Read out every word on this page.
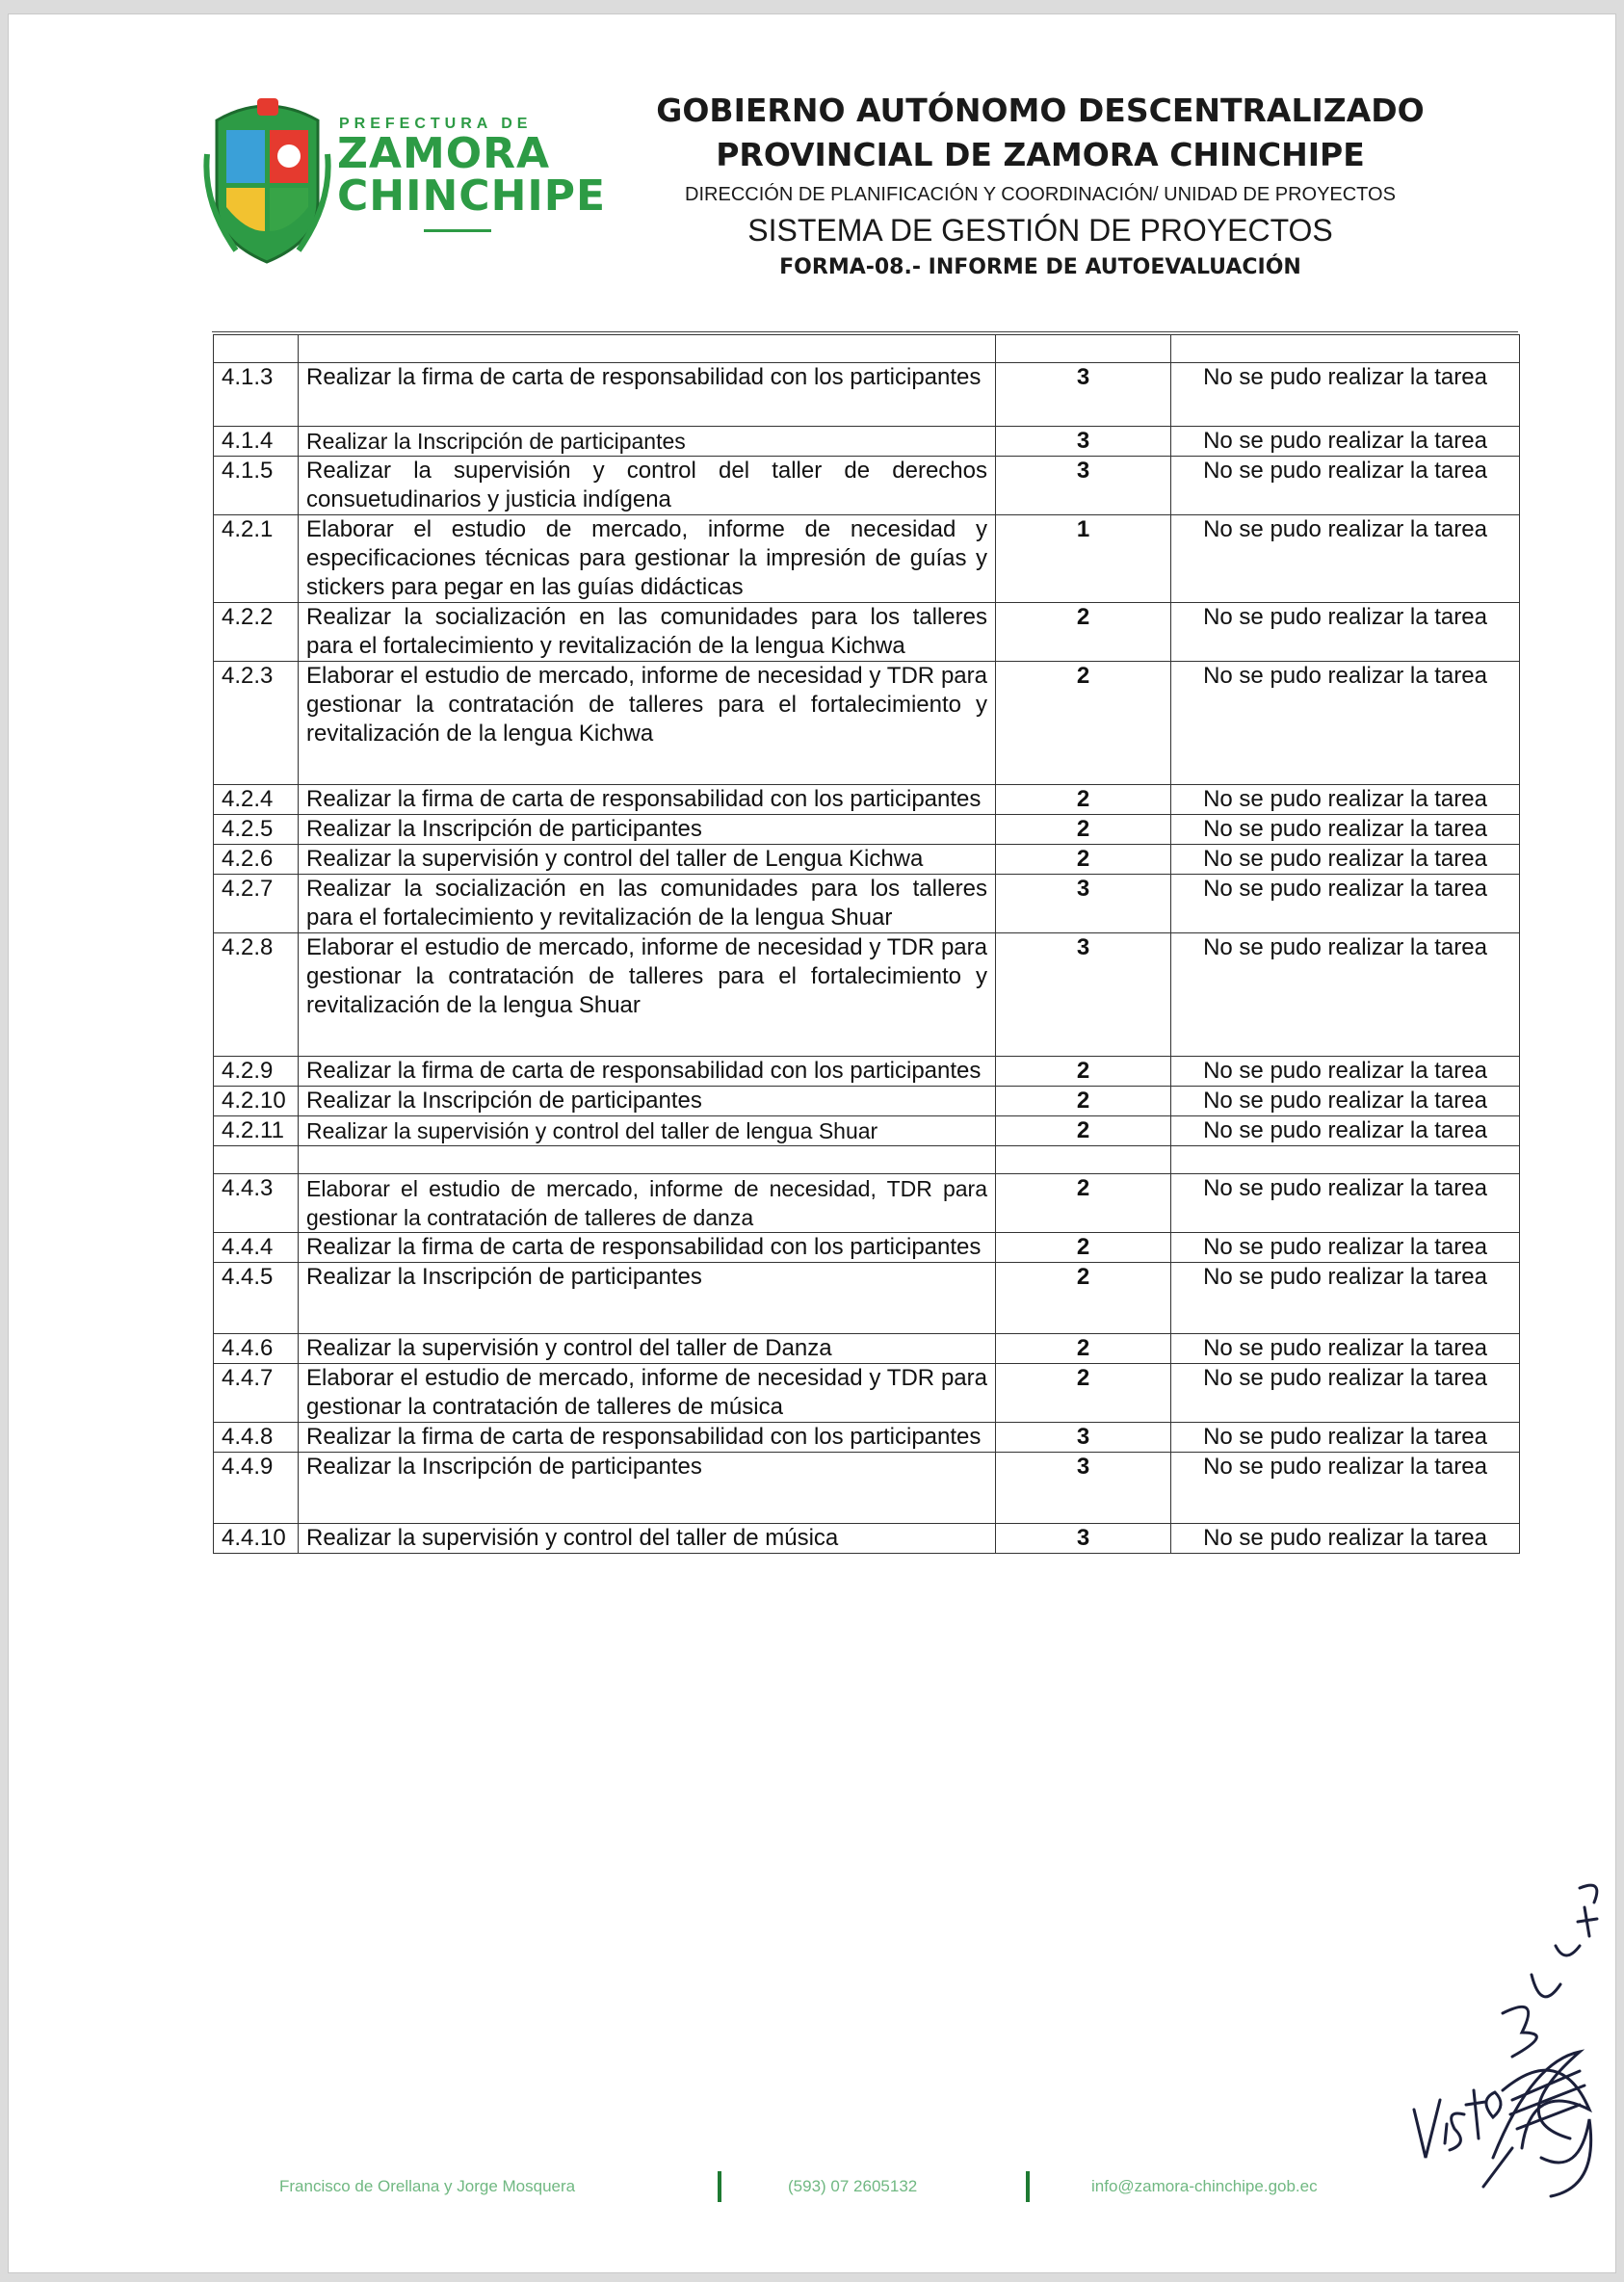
PREFECTURA DE
ZAMORA
CHINCHIPE
GOBIERNO AUTÓNOMO DESCENTRALIZADO
PROVINCIAL DE ZAMORA CHINCHIPE
DIRECCIÓN DE PLANIFICACIÓN Y COORDINACIÓN/ UNIDAD DE PROYECTOS
SISTEMA DE GESTIÓN DE PROYECTOS
FORMA-08.- INFORME DE AUTOEVALUACIÓN

4.1.3	Realizar la firma de carta de responsabilidad con los participantes	3	No se pudo realizar la tarea
4.1.4	Realizar la Inscripción de participantes	3	No se pudo realizar la tarea
4.1.5	Realizar la supervisión y control del taller de derechos consuetudinarios y justicia indígena	3	No se pudo realizar la tarea
4.2.1	Elaborar el estudio de mercado, informe de necesidad y especificaciones técnicas para gestionar la impresión de guías y stickers para pegar en las guías didácticas	1	No se pudo realizar la tarea
4.2.2	Realizar la socialización en las comunidades para los talleres para el fortalecimiento y revitalización de la lengua Kichwa	2	No se pudo realizar la tarea
4.2.3	Elaborar el estudio de mercado, informe de necesidad y TDR para gestionar la contratación de talleres para el fortalecimiento y revitalización de la lengua Kichwa	2	No se pudo realizar la tarea
4.2.4	Realizar la firma de carta de responsabilidad con los participantes	2	No se pudo realizar la tarea
4.2.5	Realizar la Inscripción de participantes	2	No se pudo realizar la tarea
4.2.6	Realizar la supervisión y control del taller de Lengua Kichwa	2	No se pudo realizar la tarea
4.2.7	Realizar la socialización en las comunidades para los talleres para el fortalecimiento y revitalización de la lengua Shuar	3	No se pudo realizar la tarea
4.2.8	Elaborar el estudio de mercado, informe de necesidad y TDR para gestionar la contratación de talleres para el fortalecimiento y revitalización de la lengua Shuar	3	No se pudo realizar la tarea
4.2.9	Realizar la firma de carta de responsabilidad con los participantes	2	No se pudo realizar la tarea
4.2.10	Realizar la Inscripción de participantes	2	No se pudo realizar la tarea
4.2.11	Realizar la supervisión y control del taller de lengua Shuar	2	No se pudo realizar la tarea

4.4.3	Elaborar el estudio de mercado, informe de necesidad, TDR para gestionar la contratación de talleres de danza	2	No se pudo realizar la tarea
4.4.4	Realizar la firma de carta de responsabilidad con los participantes	2	No se pudo realizar la tarea
4.4.5	Realizar la Inscripción de participantes	2	No se pudo realizar la tarea
4.4.6	Realizar la supervisión y control del taller de Danza	2	No se pudo realizar la tarea
4.4.7	Elaborar el estudio de mercado, informe de necesidad y TDR para gestionar la contratación de talleres de música	2	No se pudo realizar la tarea
4.4.8	Realizar la firma de carta de responsabilidad con los participantes	3	No se pudo realizar la tarea
4.4.9	Realizar la Inscripción de participantes	3	No se pudo realizar la tarea
4.4.10	Realizar la supervisión y control del taller de música	3	No se pudo realizar la tarea
Francisco de Orellana y Jorge Mosquera	(593) 07 2605132	info@zamora-chinchipe.gob.ec
